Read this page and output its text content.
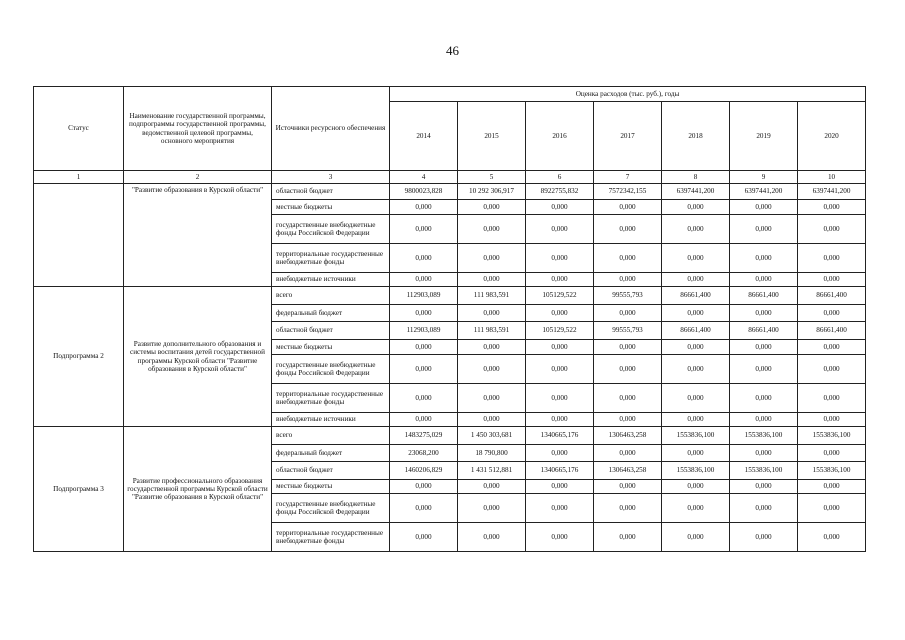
46
Статус	Наименование государственной программы, подпрограммы государственной программы, ведомственной целевой программы, основного мероприятия	Источники ресурсного обеспечения	Оценка расходов (тыс. руб.), годы						
			2014	2015	2016	2017	2018	2019	2020
1	2	3	4	5	6	7	8	9	10
	"Развитие образования в Курской области"	областной бюджет	9800023,828	10 292 306,917	8922755,832	7572342,155	6397441,200	6397441,200	6397441,200
		местные бюджеты	0,000	0,000	0,000	0,000	0,000	0,000	0,000
		государственные внебюджетные фонды Российской Федерации	0,000	0,000	0,000	0,000	0,000	0,000	0,000
		территориальные государственные внебюджетные фонды	0,000	0,000	0,000	0,000	0,000	0,000	0,000
		внебюджетные источники	0,000	0,000	0,000	0,000	0,000	0,000	0,000
Подпрограмма 2	Развитие дополнительного образования и системы воспитания детей государственной программы Курской области "Развитие образования в Курской области"	всего	112903,089	111 983,591	105129,522	99555,793	86661,400	86661,400	86661,400
		федеральный бюджет	0,000	0,000	0,000	0,000	0,000	0,000	0,000
		областной бюджет	112903,089	111 983,591	105129,522	99555,793	86661,400	86661,400	86661,400
		местные бюджеты	0,000	0,000	0,000	0,000	0,000	0,000	0,000
		государственные внебюджетные фонды Российской Федерации	0,000	0,000	0,000	0,000	0,000	0,000	0,000
		территориальные государственные внебюджетные фонды	0,000	0,000	0,000	0,000	0,000	0,000	0,000
		внебюджетные источники	0,000	0,000	0,000	0,000	0,000	0,000	0,000
Подпрограмма 3	Развитие профессионального образования государственной программы Курской области "Развитие образования в Курской области"	всего	1483275,029	1 450 303,681	1340665,176	1306463,258	1553836,100	1553836,100	1553836,100
		федеральный бюджет	23068,200	18 790,800	0,000	0,000	0,000	0,000	0,000
		областной бюджет	1460206,829	1 431 512,881	1340665,176	1306463,258	1553836,100	1553836,100	1553836,100
		местные бюджеты	0,000	0,000	0,000	0,000	0,000	0,000	0,000
		государственные внебюджетные фонды Российской Федерации	0,000	0,000	0,000	0,000	0,000	0,000	0,000
		территориальные государственные внебюджетные фонды	0,000	0,000	0,000	0,000	0,000	0,000	0,000
